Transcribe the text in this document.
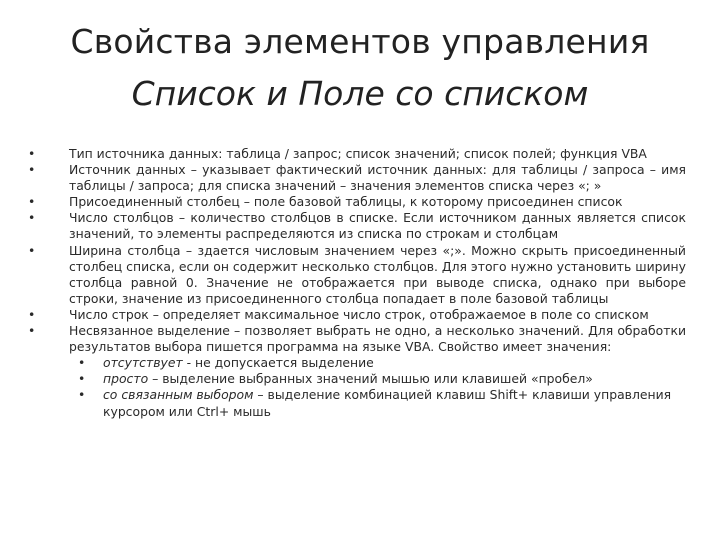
Свойства элементов управления
Список и Поле со списком
•	Тип источника данных: таблица / запрос; список значений; список полей; функция VBA
•	Источник данных – указывает фактический источник данных: для таблицы / запроса – имя таблицы / запроса; для списка значений – значения элементов списка через «; »
•	Присоединенный столбец – поле базовой таблицы, к которому присоединен список
•	Число столбцов – количество столбцов в списке. Если источником данных является список значений, то элементы распределяются из списка по строкам и столбцам
•	Ширина столбца – здается числовым значением через «;». Можно скрыть присоединенный столбец списка, если он содержит несколько столбцов. Для этого нужно установить ширину столбца равной 0. Значение не отображается при выводе списка, однако при выборе строки, значение из присоединенного столбца попадает в поле базовой таблицы
•	Число строк – определяет максимальное число строк, отображаемое в поле со списком
•	Несвязанное выделение – позволяет выбрать не одно, а несколько значений. Для обработки результатов выбора пишется программа на языке VBA. Свойство имеет значения:
• отсутствует - не допускается выделение
• просто – выделение выбранных значений мышью или клавишей «пробел»
• со связанным выбором – выделение комбинацией клавиш Shift+ клавиши управления курсором или Ctrl+ мышь
